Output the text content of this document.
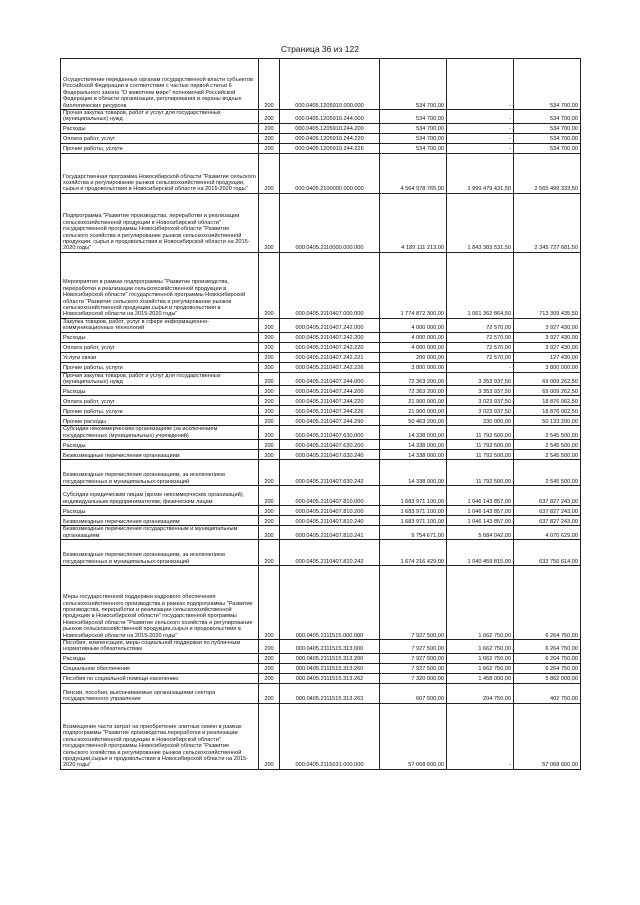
Страница 36 из 122
Осуществление переданных органам государственной власти субъектов Российской Федерации в соответствии с частью первой статьи 6 Федерального закона "О животном мире" полномочий Российской Федерации в области организации, регулирования и охраны водных биологических ресурсов	200	000.0405.1205910.000.000	534 700,00	-	534 700,00
Прочая закупка товаров, работ и услуг для государственных (муниципальных) нужд	200	000.0405.1205910.244.000	534 700,00	-	534 700,00
Расходы	200	000.0405.1205910.244.200	534 700,00	-	534 700,00
Оплата работ, услуг	200	000.0405.1205910.244.220	534 700,00	-	534 700,00
Прочие работы, услуги	200	000.0405.1205910.244.226	534 700,00	-	534 700,00
Государственная программа Новосибирской области "Развитие сельского хозяйства и регулирование рынков сельскохозяйственной продукции, сырья и продовольствия в Новосибирской области на 2015-2020 годы"	200	000.0405.2100000.000.000	4 564 978 765,00	1 999 479 431,50	2 565 499 333,50
Подпрограмма "Развитие производства, переработки и реализации сельскохозяйственной продукции в Новосибирской области" государственной программы Новосибирской области "Развитие сельского хозяйства и регулирование рынков сельскохозяйственной продукции, сырья и продовольствия в Новосибирской области на 2015-2020 годы"	200	000.0405.2110000.000.000	4 189 111 213,00	1 843 383 531,50	2 345 727 681,50
Мероприятия в рамках подпрограммы "Развитие производства, переработки и реализации сельскохозяйственной продукции в Новосибирской области" государственной программы Новосибирской области "Развитие сельского хозяйства и регулирование рынков сельскохозяйственной продукции,сырья и продовольствия в Новосибирской области на 2015-2020 годы"	200	000.0405.2110407.000.000	1 774 872 300,00	1 061 362 864,50	713 309 435,50
Закупка товаров, работ, услуг в сфере информационно-коммуникационных технологий	200	000.0405.2110407.242.000	4 000 000,00	72 570,00	3 927 430,00
Расходы	200	000.0405.2110407.242.200	4 000 000,00	72 570,00	3 927 430,00
Оплата работ, услуг	200	000.0405.2110407.242.220	4 000 000,00	72 570,00	3 927 430,00
Услуги связи	200	000.0405.2110407.242.221	200 000,00	72 570,00	127 430,00
Прочие работы, услуги	200	000.0405.2110407.242.226	3 800 000,00	-	3 800 000,00
Прочая закупка товаров, работ и услуг для государственных (муниципальных) нужд	200	000.0405.2110407.244.000	72 363 200,00	3 353 937,50	69 009 262,50
Расходы	200	000.0405.2110407.244.200	72 363 200,00	3 353 937,50	69 009 262,50
Оплата работ, услуг	200	000.0405.2110407.244.220	21 900 000,00	3 023 937,50	18 876 062,50
Прочие работы, услуги	200	000.0405.2110407.244.226	21 900 000,00	3 023 937,50	18 876 062,50
Прочие расходы	200	000.0405.2110407.244.290	50 463 200,00	330 000,00	50 133 200,00
Субсидии некоммерческим организациям (за исключением государственных (муниципальных) учреждений)	200	000.0405.2110407.630.000	14 338 000,00	11 792 500,00	2 545 500,00
Расходы	200	000.0405.2110407.630.200	14 338 000,00	11 792 500,00	2 545 500,00
Безвозмездные перечисления организациям	200	000.0405.2110407.630.240	14 338 000,00	11 792 500,00	2 545 500,00
Безвозмездные перечисления организациям, за исключением государственных и муниципальных организаций	200	000.0405.2110407.630.242	14 338 000,00	11 792 500,00	2 545 500,00
Субсидии юридическим лицам (кроме некоммерческих организаций), индивидуальным предпринимателям, физическим лицам	200	000.0405.2110407.810.000	1 683 971 100,00	1 046 143 857,00	637 827 243,00
Расходы	200	000.0405.2110407.810.200	1 683 971 100,00	1 046 143 857,00	637 827 243,00
Безвозмездные перечисления организациям	200	000.0405.2110407.810.240	1 683 971 100,00	1 046 143 857,00	637 827 243,00
Безвозмездные перечисления государственным и муниципальным организациям	200	000.0405.2110407.810.241	9 754 671,00	5 684 042,00	4 070 629,00
Безвозмездные перечисления организациям, за исключением государственных и муниципальных организаций	200	000.0405.2110407.810.242	1 674 216 429,00	1 040 459 815,00	633 756 614,00
Меры государственной поддержки кадрового обеспечения сельскохозяйственного производства в рамках подпрограммы "Развитие производства, переработки и реализации сельскохозяйственной продукции в Новосибирской области" государственной программы Новосибирской области "Развитие сельского хозяйства и регулирование рынков сельскохозяйственной продукции,сырья и продовольствия в Новосибирской области на 2015-2020 годы"	200	000.0405.2111515.000.000	7 927 500,00	1 662 750,00	6 264 750,00
Пособия, компенсации, меры социальной поддержки по публичным нормативным обязательствам	200	000.0405.2111515.313.000	7 927 500,00	1 662 750,00	6 264 750,00
Расходы	200	000.0405.2111515.313.200	7 927 500,00	1 662 750,00	6 264 750,00
Социальное обеспечение	200	000.0405.2111515.313.260	7 927 500,00	1 662 750,00	6 264 750,00
Пособия по социальной помощи населению	200	000.0405.2111515.313.262	7 320 000,00	1 458 000,00	5 862 000,00
Пенсии, пособия, выплачиваемые организациями сектора государственного управления	200	000.0405.2111515.313.263	607 500,00	204 750,00	402 750,00
Возмещение части затрат на приобретение элитных семян в рамках подпрограммы "Развитие производства,переработки и реализации сельскохозяйственной продукции в Новосибирской области" государственной программы Новосибирской области "Развитие сельского хозяйства и регулирование рынков сельскохозяйственной продукции,сырья и продовольствия в Новосибирской области на 2015-2020 годы"	200	000.0405.2115031.000.000	57 068 600,00	-	57 068 600,00
